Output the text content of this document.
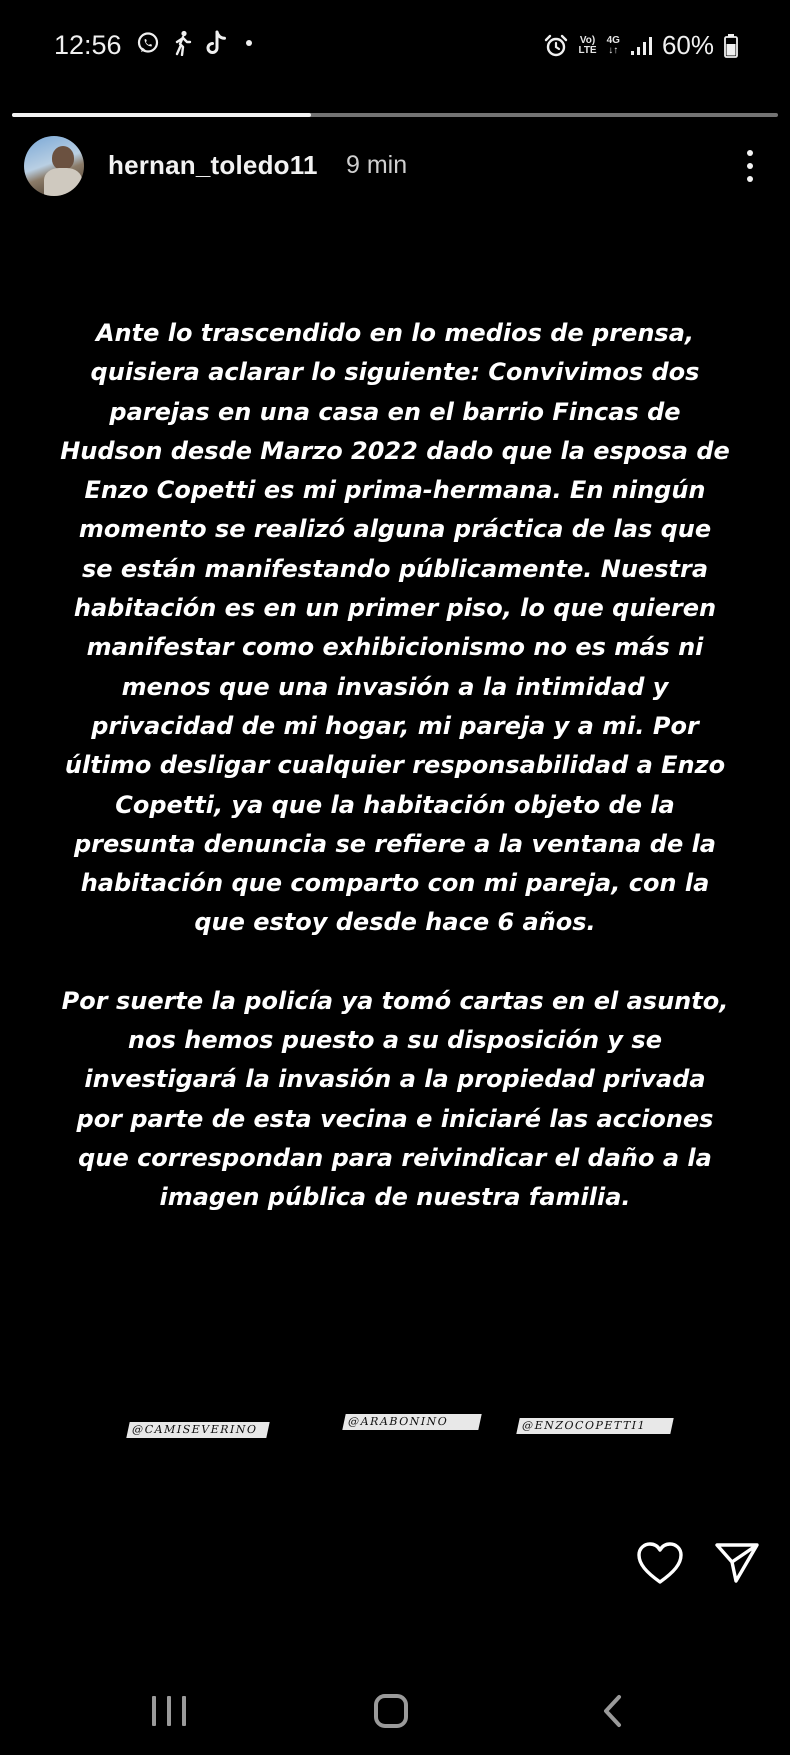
12:56	Vo)
LTE
4G
↓↑ 60%
hernan_toledo11 9 min

Ante lo trascendido en lo medios de prensa, quisiera aclarar lo siguiente: Convivimos dos parejas en una casa en el barrio Fincas de Hudson desde Marzo 2022 dado que la esposa de Enzo Copetti es mi prima-hermana. En ningún momento se realizó alguna práctica de las que se están manifestando públicamente. Nuestra habitación es en un primer piso, lo que quieren manifestar como exhibicionismo no es más ni menos que una invasión a la intimidad y privacidad de mi hogar, mi pareja y a mi. Por último desligar cualquier responsabilidad a Enzo Copetti, ya que la habitación objeto de la presunta denuncia se refiere a la ventana de la habitación que comparto con mi pareja, con la que estoy desde hace 6 años.

Por suerte la policía ya tomó cartas en el asunto, nos hemos puesto a su disposición y se investigará la invasión a la propiedad privada por parte de esta vecina e iniciaré las acciones que correspondan para reivindicar el daño a la imagen pública de nuestra familia.

@CAMISEVERINO
@ARABONINO	@ENZOCOPETTI1
